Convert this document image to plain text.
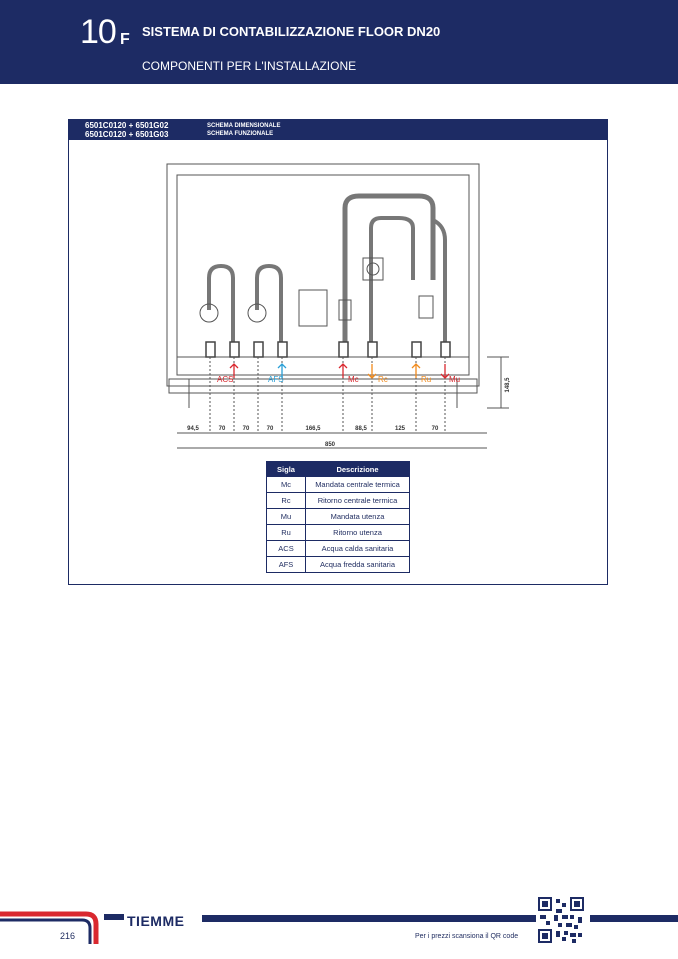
10 F SISTEMA DI CONTABILIZZAZIONE FLOOR DN20
COMPONENTI PER L'INSTALLAZIONE
6501C0120 + 6501G02
6501C0120 + 6501G03
SCHEMA DIMENSIONALE
SCHEMA FUNZIONALE
ACS	AFS	Mc Rc	Ru Mu
94,5	70	70	70	166,5	88,5	125	70
850
148,5
Sigla	Descrizione
Mc	Mandata centrale termica
Rc	Ritorno centrale termica
Mu	Mandata utenza
Ru	Ritorno utenza
ACS	Acqua calda sanitaria
AFS	Acqua fredda sanitaria
TIEMME
216	Per i prezzi scansiona il QR code
